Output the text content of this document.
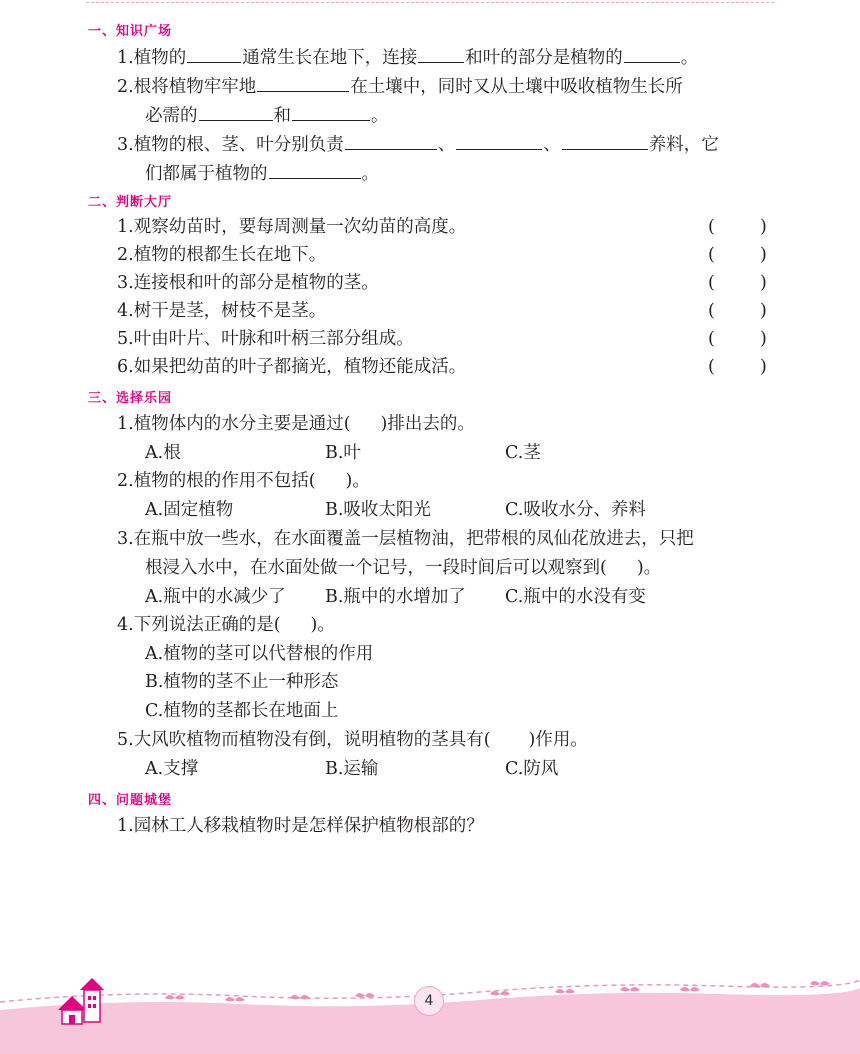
一、知识广场
1.植物的	通常生长在地下，连接	和叶的部分是植物的	。
2.根将植物牢牢地	在土壤中，同时又从土壤中吸收植物生长所
必需的	和	。
3.植物的根、茎、叶分别负责	、	、	养料，它
们都属于植物的	。
二、判断大厅
1.观察幼苗时，要每周测量一次幼苗的高度。	(	)
2.植物的根都生长在地下。	(	)
3.连接根和叶的部分是植物的茎。	(	)
4.树干是茎，树枝不是茎。	(	)
5.叶由叶片、叶脉和叶柄三部分组成。	(	)
6.如果把幼苗的叶子都摘光，植物还能成活。	(	)
三、选择乐园
1.植物体内的水分主要是通过( )排出去的。
A.根	B.叶	C.茎
2.植物的根的作用不包括( )。
A.固定植物	B.吸收太阳光	C.吸收水分、养料
3.在瓶中放一些水，在水面覆盖一层植物油，把带根的凤仙花放进去，只把
根浸入水中，在水面处做一个记号，一段时间后可以观察到( )。
A.瓶中的水减少了 B.瓶中的水增加了 C.瓶中的水没有变
4.下列说法正确的是( )。
A.植物的茎可以代替根的作用
B.植物的茎不止一种形态
C.植物的茎都长在地面上
5.大风吹植物而植物没有倒，说明植物的茎具有( )作用。
A.支撑	B.运输	C.防风
四、问题城堡
1.园林工人移栽植物时是怎样保护植物根部的？
4
